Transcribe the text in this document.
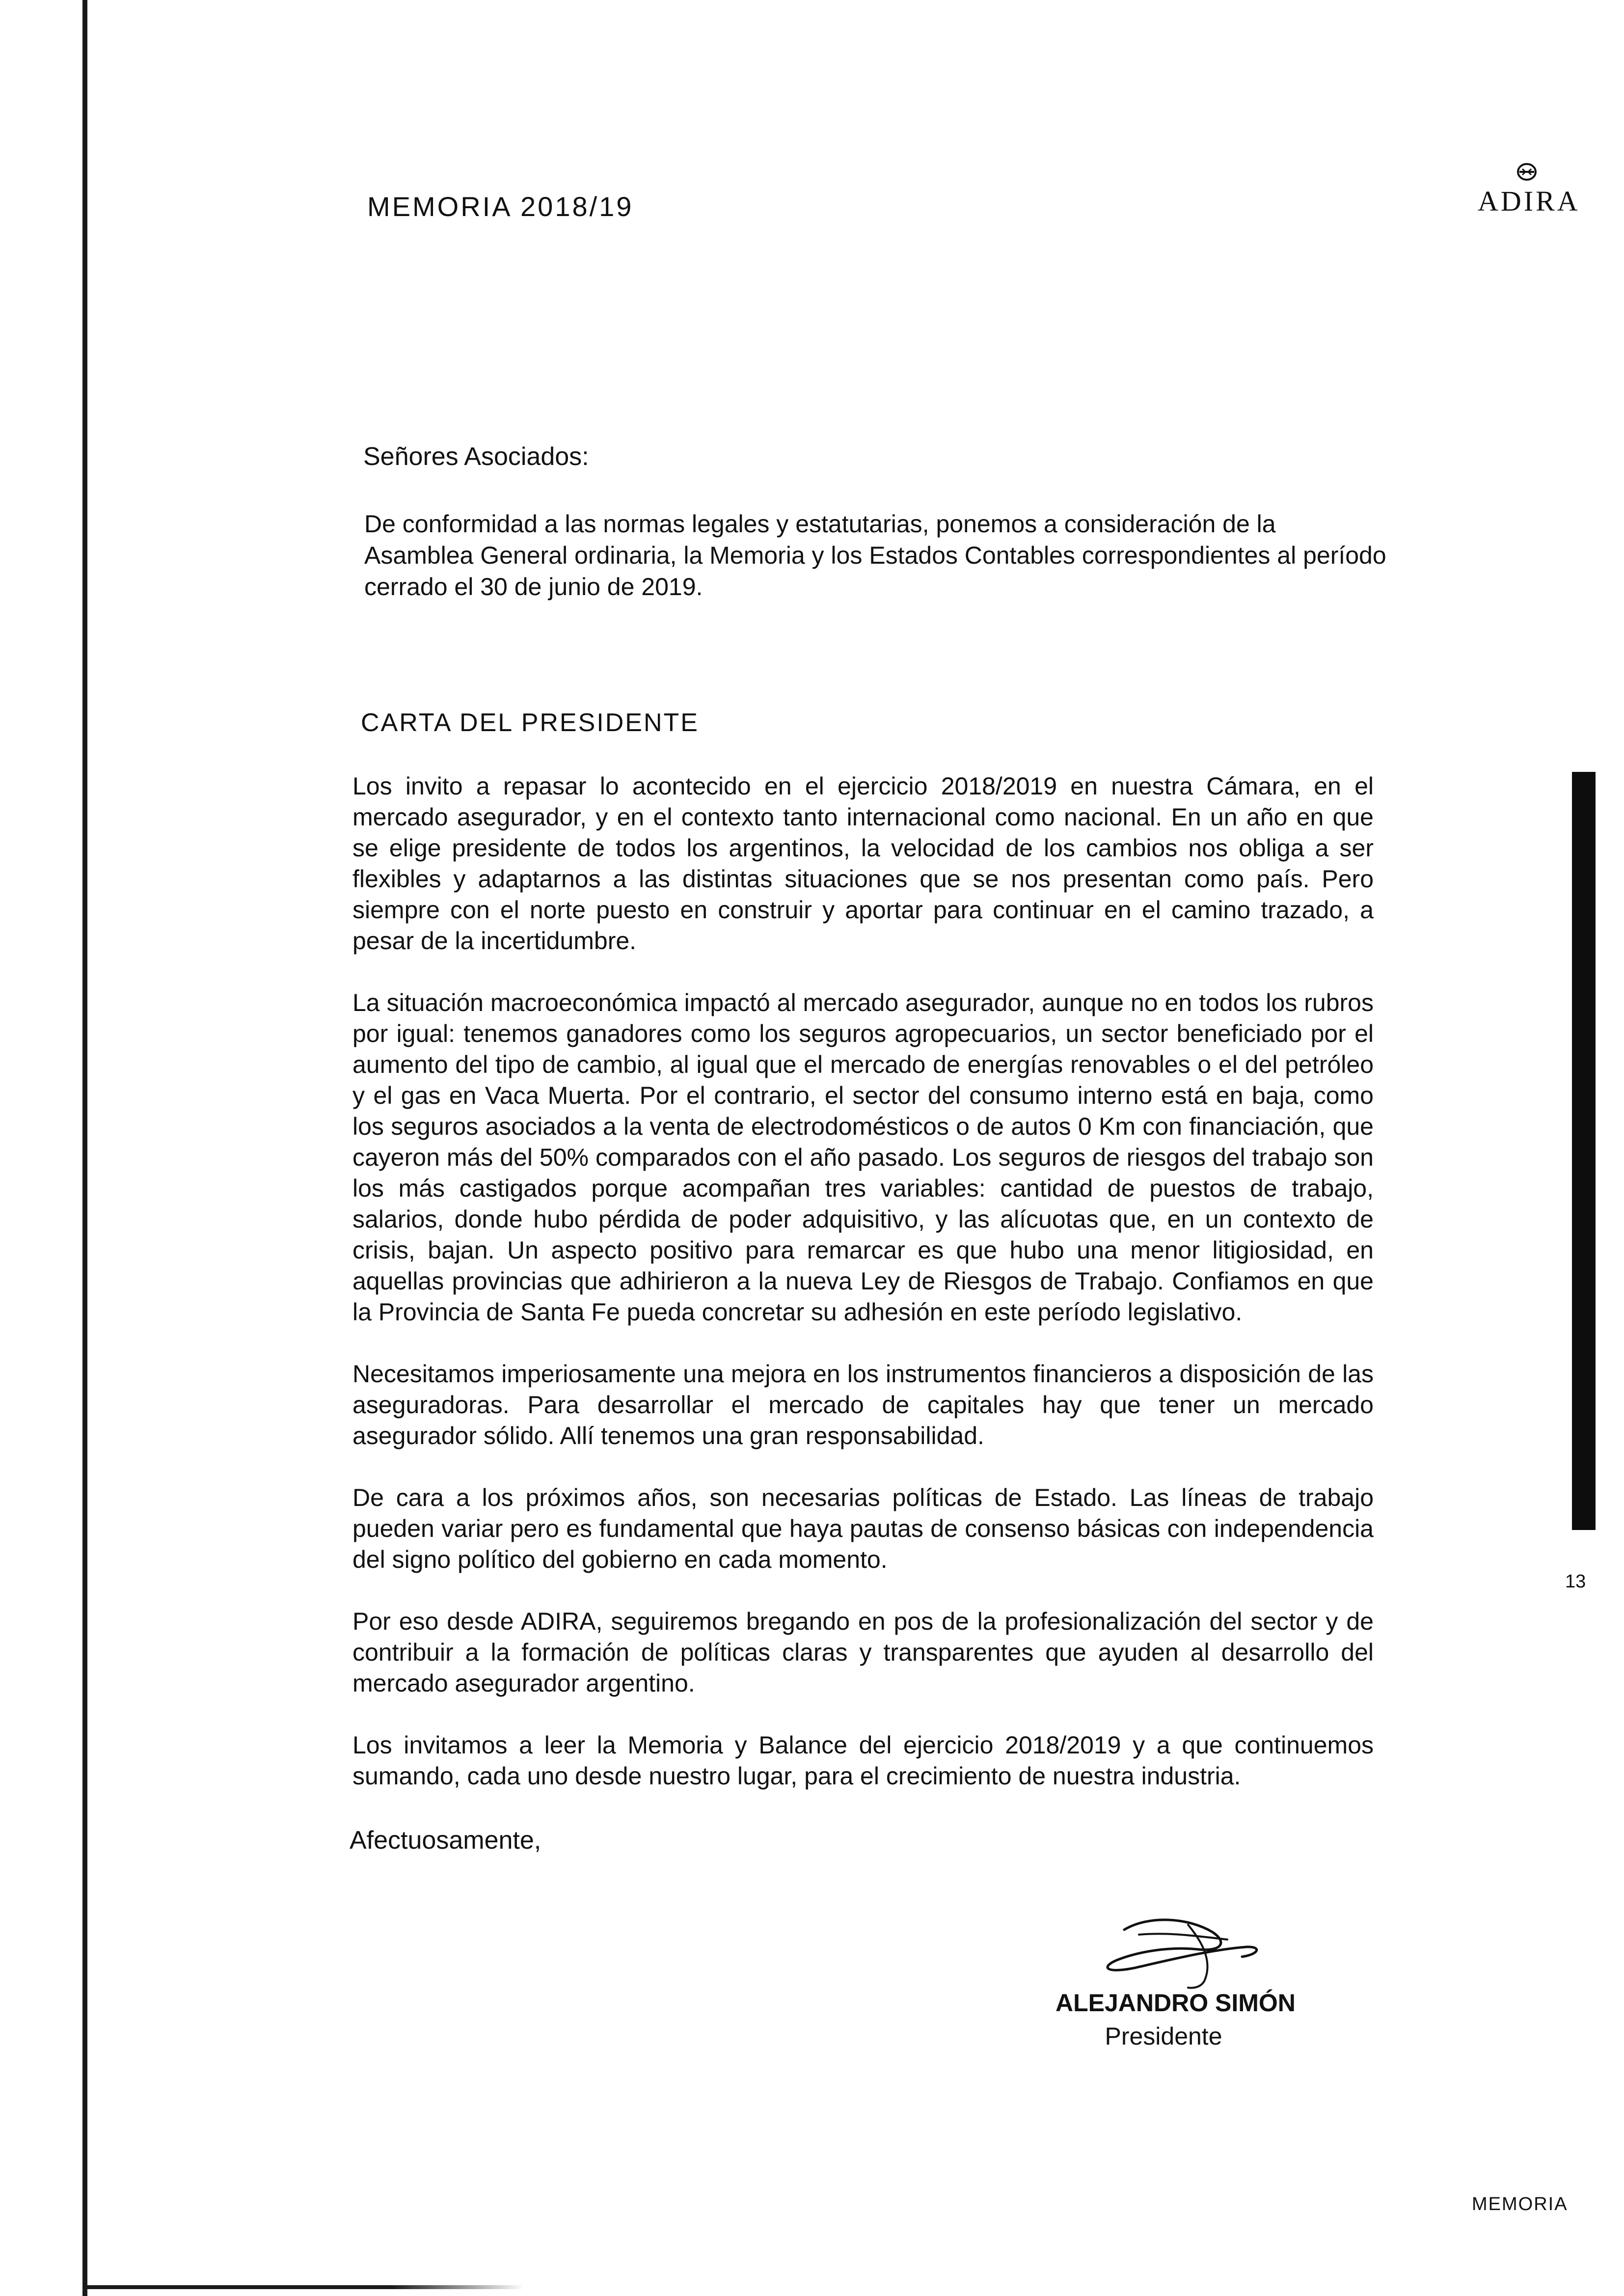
MEMORIA 2018/19	ADIRA
Señores Asociados:
De conformidad a las normas legales y estatutarias, ponemos a consideración de la Asamblea General ordinaria, la Memoria y los Estados Contables correspondientes al período cerrado el 30 de junio de 2019.
CARTA DEL PRESIDENTE

Los invito a repasar lo acontecido en el ejercicio 2018/2019 en nuestra Cámara, en el mercado asegurador, y en el contexto tanto internacional como nacional. En un año en que se elige presidente de todos los argentinos, la velocidad de los cambios nos obliga a ser flexibles y adaptarnos a las distintas situaciones que se nos presentan como país. Pero siempre con el norte puesto en construir y aportar para continuar en el camino trazado, a pesar de la incertidumbre.

La situación macroeconómica impactó al mercado asegurador, aunque no en todos los rubros por igual: tenemos ganadores como los seguros agropecuarios, un sector beneficiado por el aumento del tipo de cambio, al igual que el mercado de energías renovables o el del petróleo y el gas en Vaca Muerta. Por el contrario, el sector del consumo interno está en baja, como los seguros asociados a la venta de electrodomésticos o de autos 0 Km con financiación, que cayeron más del 50% comparados con el año pasado. Los seguros de riesgos del trabajo son los más castigados porque acompañan tres variables: cantidad de puestos de trabajo, salarios, donde hubo pérdida de poder adquisitivo, y las alícuotas que, en un contexto de crisis, bajan. Un aspecto positivo para remarcar es que hubo una menor litigiosidad, en aquellas provincias que adhirieron a la nueva Ley de Riesgos de Trabajo. Confiamos en que la Provincia de Santa Fe pueda concretar su adhesión en este período legislativo.

Necesitamos imperiosamente una mejora en los instrumentos financieros a disposición de las aseguradoras. Para desarrollar el mercado de capitales hay que tener un mercado asegurador sólido. Allí tenemos una gran responsabilidad.

De cara a los próximos años, son necesarias políticas de Estado. Las líneas de trabajo pueden variar pero es fundamental que haya pautas de consenso básicas con independencia del signo político del gobierno en cada momento.

Por eso desde ADIRA, seguiremos bregando en pos de la profesionalización del sector y de contribuir a la formación de políticas claras y transparentes que ayuden al desarrollo del mercado asegurador argentino.

Los invitamos a leer la Memoria y Balance del ejercicio 2018/2019 y a que continuemos sumando, cada uno desde nuestro lugar, para el crecimiento de nuestra industria.

Afectuosamente,
ALEJANDRO SIMÓN
Presidente
13
MEMORIA
